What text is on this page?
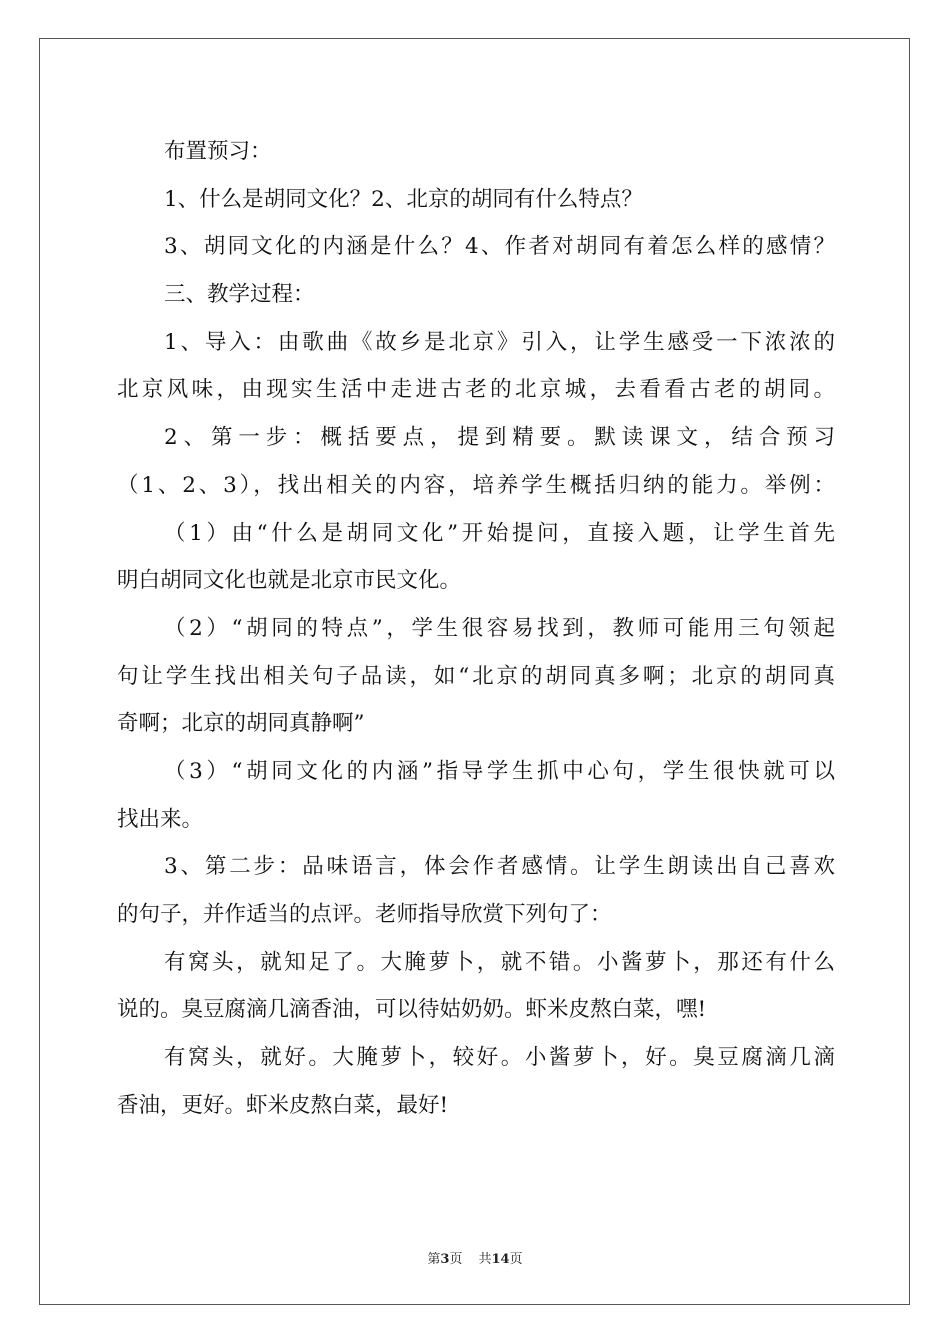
布置预习：
1、什么是胡同文化？2、北京的胡同有什么特点？
3、胡同文化的内涵是什么？4、作者对胡同有着怎么样的感情？
三、教学过程：
1、导入：由歌曲《故乡是北京》引入，让学生感受一下浓浓的
北京风味，由现实生活中走进古老的北京城，去看看古老的胡同。
2、第一步：概括要点，提到精要。默读课文，结合预习
（1、2、3），找出相关的内容，培养学生概括归纳的能力。举例：
（1）由“什么是胡同文化”开始提问，直接入题，让学生首先
明白胡同文化也就是北京市民文化。
（2）“胡同的特点”，学生很容易找到，教师可能用三句领起
句让学生找出相关句子品读，如“北京的胡同真多啊；北京的胡同真
奇啊；北京的胡同真静啊”
（3）“胡同文化的内涵”指导学生抓中心句，学生很快就可以
找出来。
3、第二步：品味语言，体会作者感情。让学生朗读出自己喜欢
的句子，并作适当的点评。老师指导欣赏下列句了：
有窝头，就知足了。大腌萝卜，就不错。小酱萝卜，那还有什么
说的。臭豆腐滴几滴香油，可以待姑奶奶。虾米皮熬白菜，嘿!
有窝头，就好。大腌萝卜，较好。小酱萝卜，好。臭豆腐滴几滴
香油，更好。虾米皮熬白菜，最好!
第3页 共14页
